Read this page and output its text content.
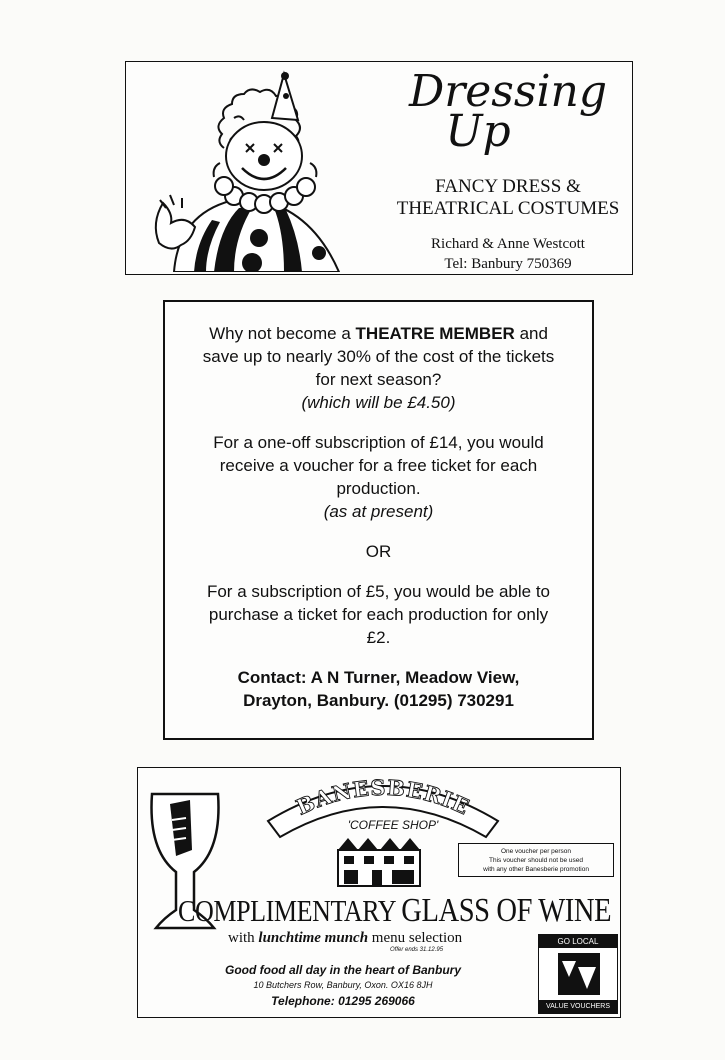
Dressing
Up
FANCY DRESS &
THEATRICAL COSTUMES
Richard & Anne Westcott
Tel: Banbury 750369

Why not become a THEATRE MEMBER and save up to nearly 30% of the cost of the tickets for next season?

(which will be £4.50)

For a one-off subscription of £14, you would receive a voucher for a free ticket for each production.

(as at present)

OR

For a subscription of £5, you would be able to purchase a ticket for each production for only £2.

Contact: A N Turner, Meadow View, Drayton, Banbury. (01295) 730291

BANESBERIE
'COFFEE SHOP'
One voucher per person
This voucher should not be used
with any other Banesberie promotion
COMPLIMENTARY GLASS OF WINE
with lunchtime munch menu selection
Offer ends 31.12.95
Good food all day in the heart of Banbury
10 Butchers Row, Banbury, Oxon. OX16 8JH
Telephone: 01295 269066
GO LOCAL
VALUE VOUCHERS
